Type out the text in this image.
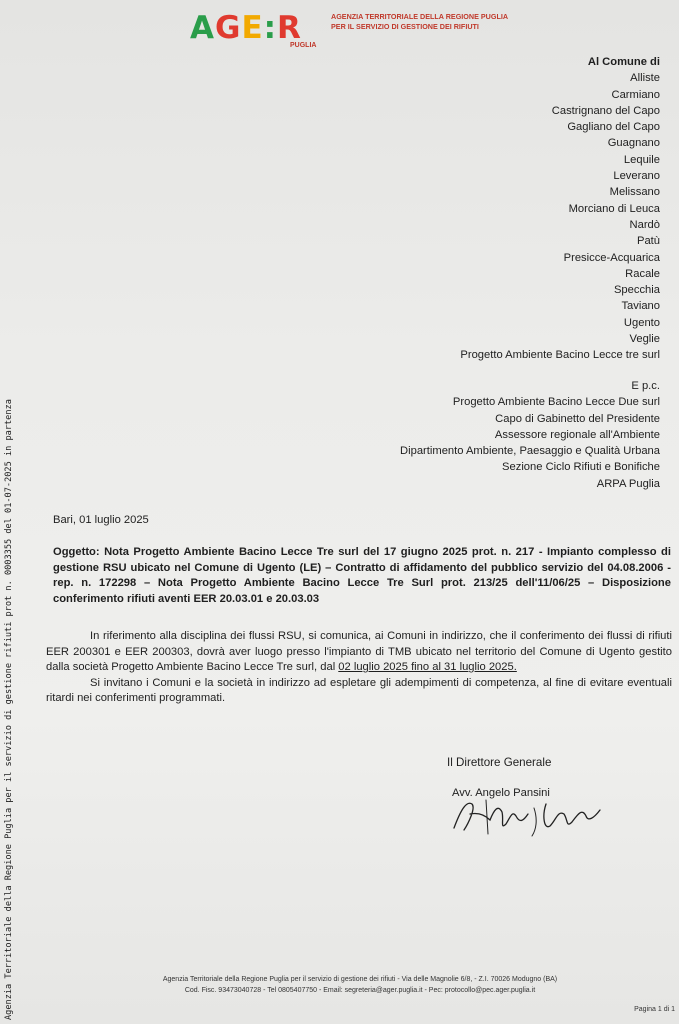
Agenzia Territoriale della Regione Puglia per il servizio di gestione rifiuti prot n. 0003355 del 01-07-2025 in partenza
AGE:R
PUGLIA
AGENZIA TERRITORIALE DELLA REGIONE PUGLIA
PER IL SERVIZIO DI GESTIONE DEI RIFIUTI
Al Comune di
Alliste
Carmiano
Castrignano del Capo
Gagliano del Capo
Guagnano
Lequile
Leverano
Melissano
Morciano di Leuca
Nardò
Patù
Presicce-Acquarica
Racale
Specchia
Taviano
Ugento
Veglie
Progetto Ambiente Bacino Lecce tre surl
E p.c.
Progetto Ambiente Bacino Lecce Due surl
Capo di Gabinetto del Presidente
Assessore regionale all'Ambiente
Dipartimento Ambiente, Paesaggio e Qualità Urbana
Sezione Ciclo Rifiuti e Bonifiche
ARPA Puglia
Bari, 01 luglio 2025
Oggetto: Nota Progetto Ambiente Bacino Lecce Tre surl del 17 giugno 2025 prot. n. 217 - Impianto complesso di gestione RSU ubicato nel Comune di Ugento (LE) – Contratto di affidamento del pubblico servizio del 04.08.2006 - rep. n. 172298 – Nota Progetto Ambiente Bacino Lecce Tre Surl prot. 213/25 dell'11/06/25 – Disposizione conferimento rifiuti aventi EER 20.03.01 e 20.03.03

In riferimento alla disciplina dei flussi RSU, si comunica, ai Comuni in indirizzo, che il conferimento dei flussi di rifiuti EER 200301 e EER 200303, dovrà aver luogo presso l'impianto di TMB ubicato nel territorio del Comune di Ugento gestito dalla società Progetto Ambiente Bacino Lecce Tre surl, dal 02 luglio 2025 fino al 31 luglio 2025.

Si invitano i Comuni e la società in indirizzo ad espletare gli adempimenti di competenza, al fine di evitare eventuali ritardi nei conferimenti programmati.

Il Direttore Generale
Avv. Angelo Pansini
Agenzia Territoriale della Regione Puglia per il servizio di gestione dei rifiuti - Via delle Magnolie 6/8, - Z.I. 70026 Modugno (BA)
Cod. Fisc. 93473040728 - Tel 0805407750 - Email: segreteria@ager.puglia.it - Pec: protocollo@pec.ager.puglia.it
Pagina 1 di 1
